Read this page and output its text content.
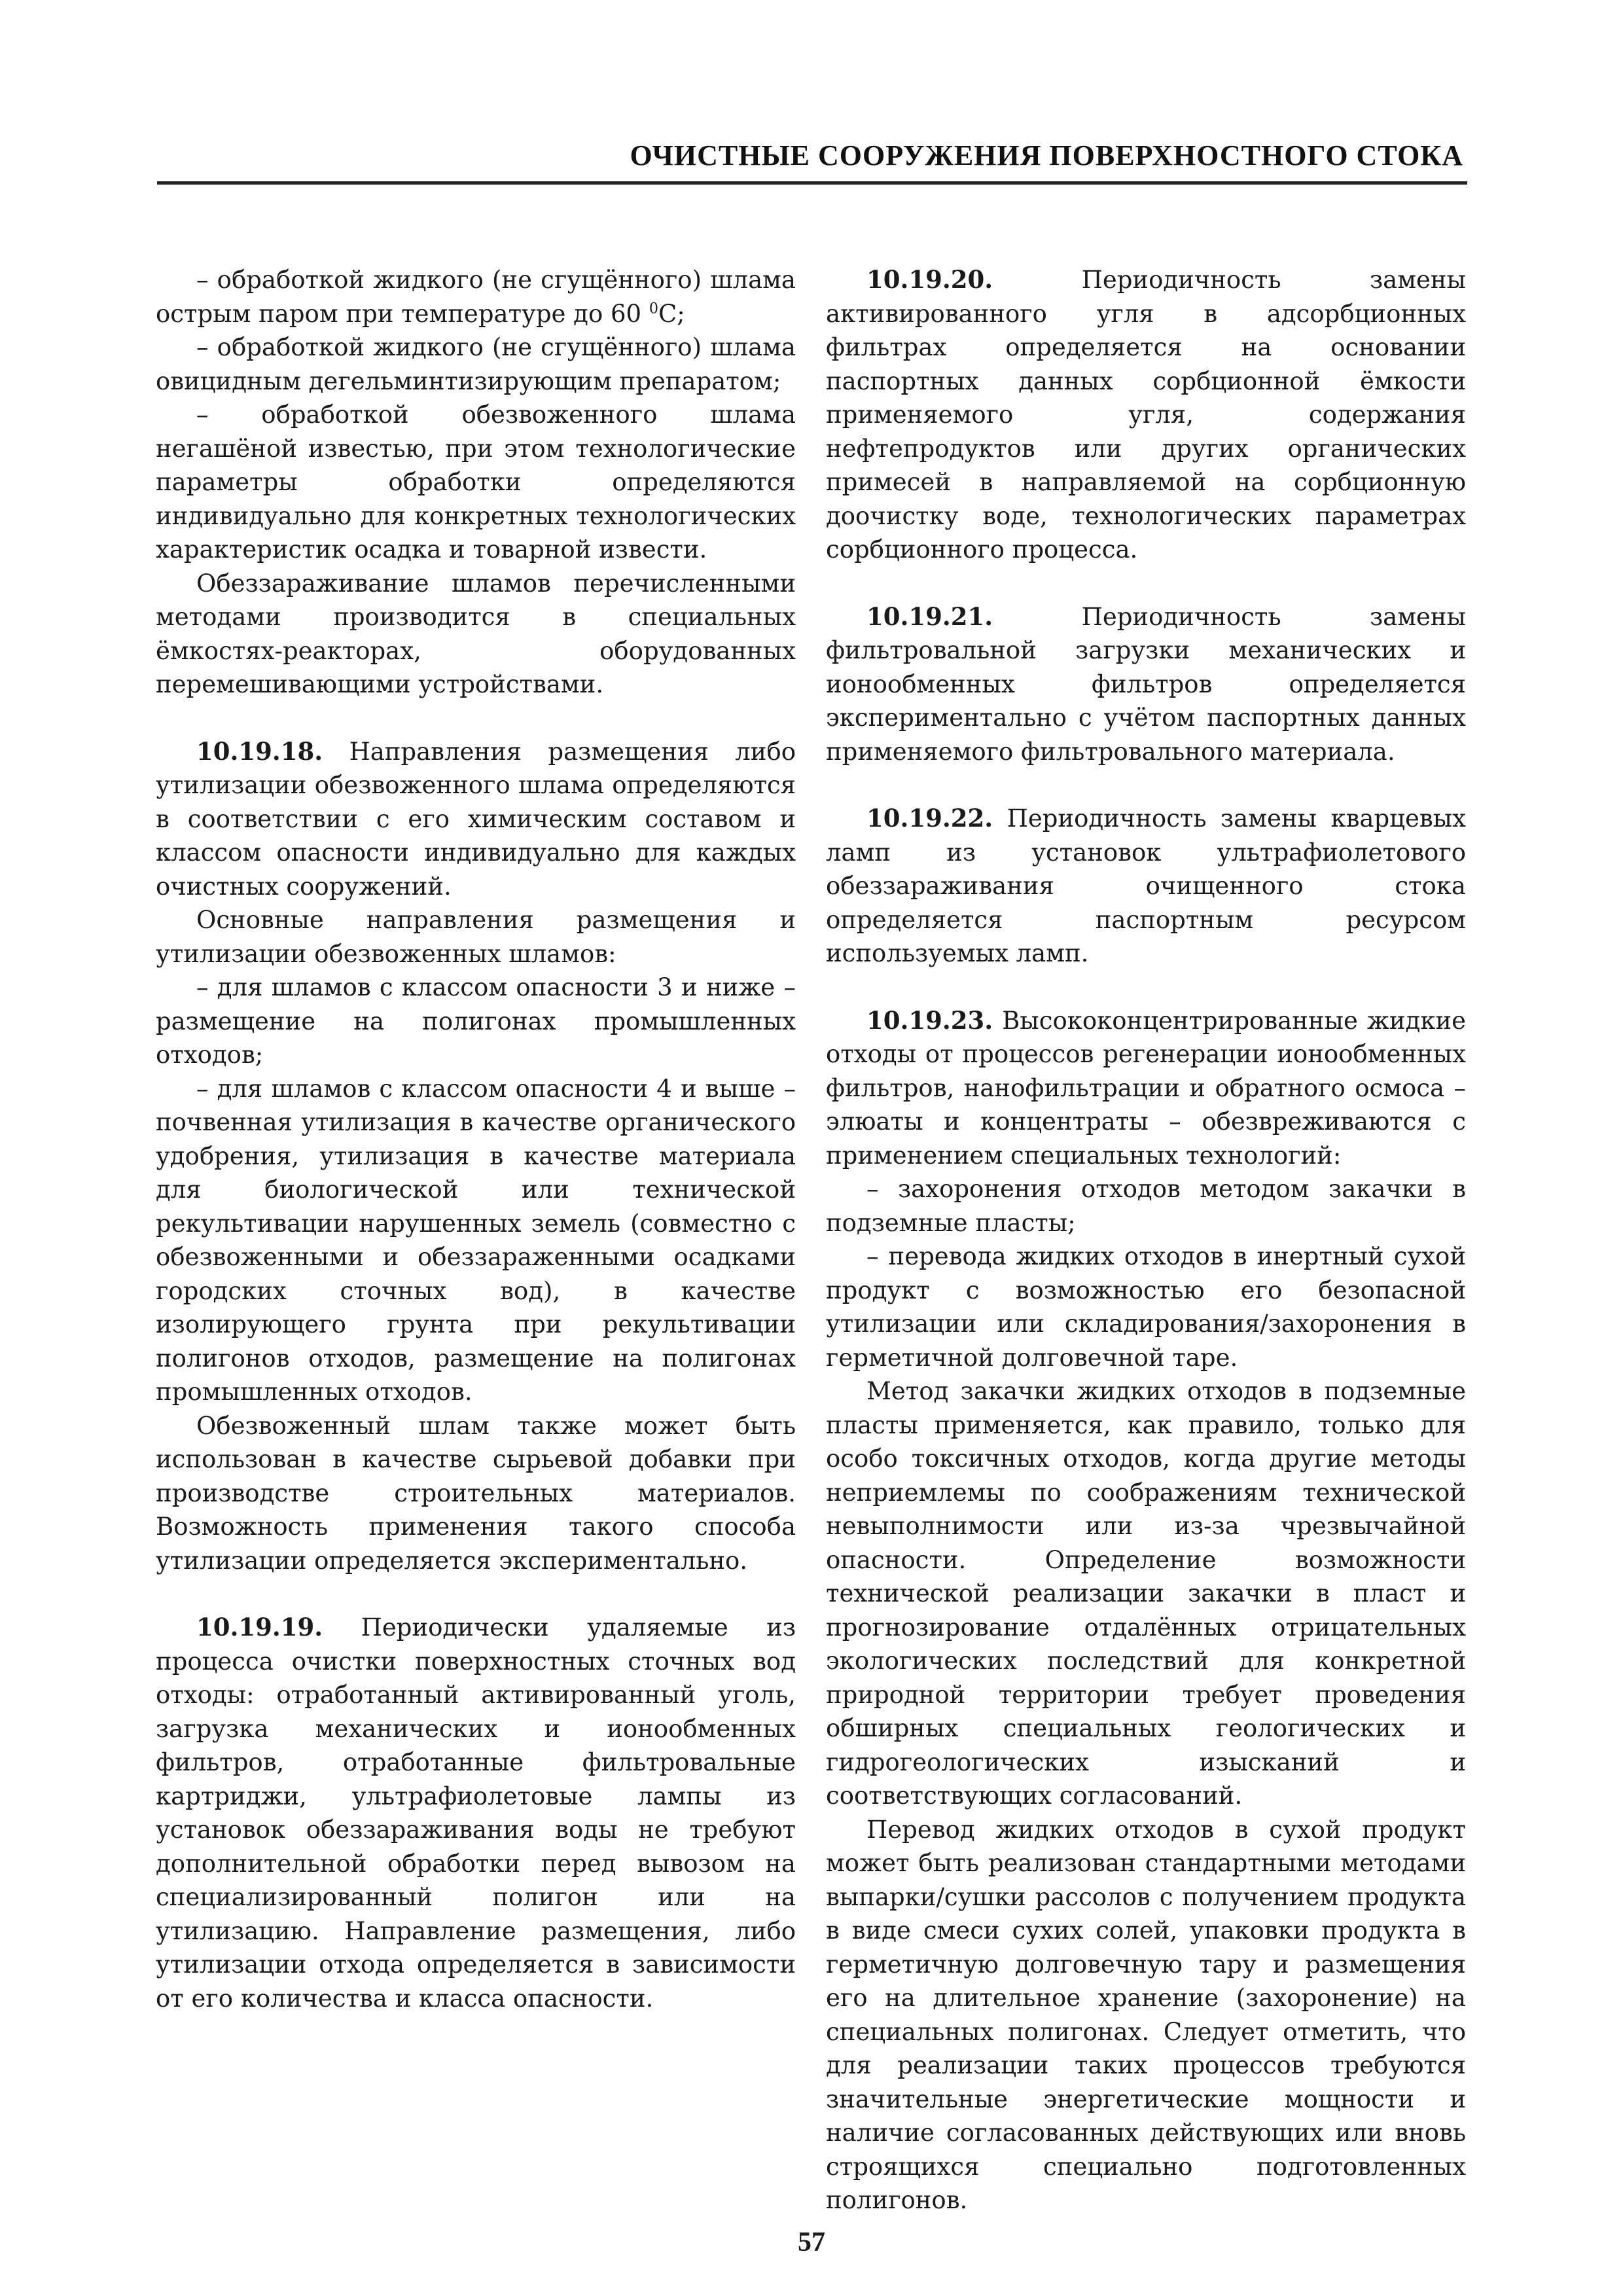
ОЧИСТНЫЕ СООРУЖЕНИЯ ПОВЕРХНОСТНОГО СТОКА

– обработкой жидкого (не сгущённого) шлама острым паром при температуре до 60 $^0$С;

– обработкой жидкого (не сгущённого) шлама овицидным дегельминтизирующим препаратом;

– обработкой обезвоженного шлама негашёной известью, при этом технологические параметры обработки определяются индивидуально для конкретных технологических характеристик осадка и товарной извести.

Обеззараживание шламов перечисленными методами производится в специальных ёмкостях-реакторах, оборудованных перемешивающими устройствами.

10.19.18. Направления размещения либо утилизации обезвоженного шлама определяются в соответствии с его химическим составом и классом опасности индивидуально для каждых очистных сооружений.

Основные направления размещения и утилизации обезвоженных шламов:

– для шламов с классом опасности 3 и ниже – размещение на полигонах промышленных отходов;

– для шламов с классом опасности 4 и выше – почвенная утилизация в качестве органического удобрения, утилизация в качестве материала для биологической или технической рекультивации нарушенных земель (совместно с обезвоженными и обеззараженными осадками городских сточных вод), в качестве изолирующего грунта при рекультивации полигонов отходов, размещение на полигонах промышленных отходов.

Обезвоженный шлам также может быть использован в качестве сырьевой добавки при производстве строительных материалов. Возможность применения такого способа утилизации определяется экспериментально.

10.19.19. Периодически удаляемые из процесса очистки поверхностных сточных вод отходы: отработанный активированный уголь, загрузка механических и ионообменных фильтров, отработанные фильтровальные картриджи, ультрафиолетовые лампы из установок обеззараживания воды не требуют дополнительной обработки перед вывозом на специализированный полигон или на утилизацию. Направление размещения, либо утилизации отхода определяется в зависимости от его количества и класса опасности.

10.19.20. Периодичность замены активированного угля в адсорбционных фильтрах определяется на основании паспортных данных сорбционной ёмкости применяемого угля, содержания нефтепродуктов или других органических примесей в направляемой на сорбционную доочистку воде, технологических параметрах сорбционного процесса.

10.19.21. Периодичность замены фильтровальной загрузки механических и ионообменных фильтров определяется экспериментально с учётом паспортных данных применяемого фильтровального материала.

10.19.22. Периодичность замены кварцевых ламп из установок ультрафиолетового обеззараживания очищенного стока определяется паспортным ресурсом используемых ламп.

10.19.23. Высококонцентрированные жидкие отходы от процессов регенерации ионообменных фильтров, нанофильтрации и обратного осмоса – элюаты и концентраты – обезвреживаются с применением специальных технологий:

– захоронения отходов методом закачки в подземные пласты;

– перевода жидких отходов в инертный сухой продукт с возможностью его безопасной утилизации или складирования/захоронения в герметичной долговечной таре.

Метод закачки жидких отходов в подземные пласты применяется, как правило, только для особо токсичных отходов, когда другие методы неприемлемы по соображениям технической невыполнимости или из-за чрезвычайной опасности. Определение возможности технической реализации закачки в пласт и прогнозирование отдалённых отрицательных экологических последствий для конкретной природной территории требует проведения обширных специальных геологических и гидрогеологических изысканий и соответствующих согласований.

Перевод жидких отходов в сухой продукт может быть реализован стандартными методами выпарки/сушки рассолов с получением продукта в виде смеси сухих солей, упаковки продукта в герметичную долговечную тару и размещения его на длительное хранение (захоронение) на специальных полигонах. Следует отметить, что для реализации таких процессов требуются значительные энергетические мощности и наличие согласованных действующих или вновь строящихся специально подготовленных полигонов.

57
